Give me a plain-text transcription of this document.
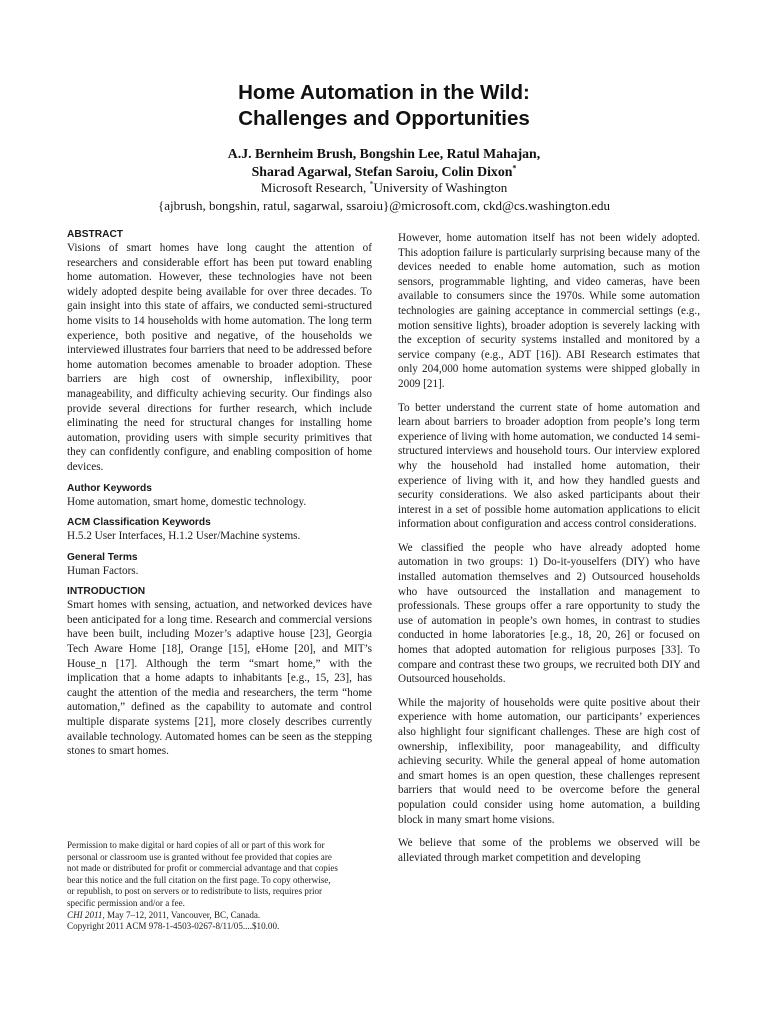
Home Automation in the Wild:
Challenges and Opportunities
A.J. Bernheim Brush, Bongshin Lee, Ratul Mahajan,
Sharad Agarwal, Stefan Saroiu, Colin Dixon*
Microsoft Research, *University of Washington
{ajbrush, bongshin, ratul, sagarwal, ssaroiu}@microsoft.com, ckd@cs.washington.edu
ABSTRACT
Visions of smart homes have long caught the attention of researchers and considerable effort has been put toward enabling home automation. However, these technologies have not been widely adopted despite being available for over three decades. To gain insight into this state of affairs, we conducted semi-structured home visits to 14 households with home automation. The long term experience, both positive and negative, of the households we interviewed illustrates four barriers that need to be addressed before home automation becomes amenable to broader adoption. These barriers are high cost of ownership, inflexibility, poor manageability, and difficulty achieving security. Our findings also provide several directions for further research, which include eliminating the need for structural changes for installing home automation, providing users with simple security primitives that they can confidently configure, and enabling composition of home devices.
Author Keywords
Home automation, smart home, domestic technology.
ACM Classification Keywords
H.5.2 User Interfaces, H.1.2 User/Machine systems.
General Terms
Human Factors.
INTRODUCTION
Smart homes with sensing, actuation, and networked devices have been anticipated for a long time. Research and commercial versions have been built, including Mozer’s adaptive house [23], Georgia Tech Aware Home [18], Orange [15], eHome [20], and MIT’s House_n [17]. Although the term “smart home,” with the implication that a home adapts to inhabitants [e.g., 15, 23], has caught the attention of the media and researchers, the term “home automation,” defined as the capability to automate and control multiple disparate systems [21], more closely describes currently available technology. Automated homes can be seen as the stepping stones to smart homes.
Permission to make digital or hard copies of all or part of this work for
personal or classroom use is granted without fee provided that copies are
not made or distributed for profit or commercial advantage and that copies
bear this notice and the full citation on the first page. To copy otherwise,
or republish, to post on servers or to redistribute to lists, requires prior
specific permission and/or a fee.
CHI 2011, May 7–12, 2011, Vancouver, BC, Canada.
Copyright 2011 ACM 978-1-4503-0267-8/11/05....$10.00.

However, home automation itself has not been widely adopted. This adoption failure is particularly surprising because many of the devices needed to enable home automation, such as motion sensors, programmable lighting, and video cameras, have been available to consumers since the 1970s. While some automation technologies are gaining acceptance in commercial settings (e.g., motion sensitive lights), broader adoption is severely lacking with the exception of security systems installed and monitored by a service company (e.g., ADT [16]). ABI Research estimates that only 204,000 home automation systems were shipped globally in 2009 [21].

To better understand the current state of home automation and learn about barriers to broader adoption from people’s long term experience of living with home automation, we conducted 14 semi-structured interviews and household tours. Our interview explored why the household had installed home automation, their experience of living with it, and how they handled guests and security considerations. We also asked participants about their interest in a set of possible home automation applications to elicit information about configuration and access control considerations.

We classified the people who have already adopted home automation in two groups: 1) Do-it-youselfers (DIY) who have installed automation themselves and 2) Outsourced households who have outsourced the installation and management to professionals. These groups offer a rare opportunity to study the use of automation in people’s own homes, in contrast to studies conducted in home laboratories [e.g., 18, 20, 26] or focused on homes that adopted automation for religious purposes [33]. To compare and contrast these two groups, we recruited both DIY and Outsourced households.

While the majority of households were quite positive about their experience with home automation, our participants’ experiences also highlight four significant challenges. These are high cost of ownership, inflexibility, poor manageability, and difficulty achieving security. While the general appeal of home automation and smart homes is an open question, these challenges represent barriers that would need to be overcome before the general population could consider using home automation, a building block in many smart home visions.

We believe that some of the problems we observed will be alleviated through market competition and developing
